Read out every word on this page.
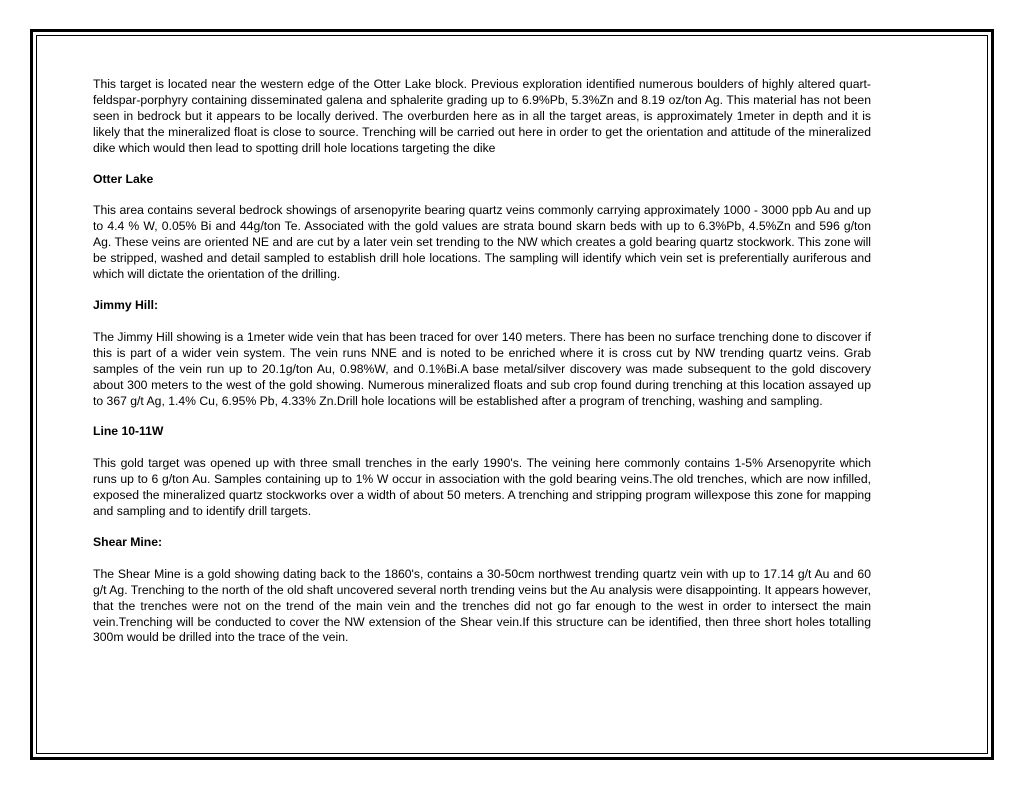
This target is located near the western edge of the Otter Lake block. Previous exploration identified numerous boulders of highly altered quart-feldspar-porphyry containing disseminated galena and sphalerite grading up to 6.9%Pb, 5.3%Zn and 8.19 oz/ton Ag. This material has not been seen in bedrock but it appears to be locally derived. The overburden here as in all the target areas, is approximately 1meter in depth and it is likely that the mineralized float is close to source. Trenching will be carried out here in order to get the orientation and attitude of the mineralized dike which would then lead to spotting drill hole locations targeting the dike

Otter Lake

This area contains several bedrock showings of arsenopyrite bearing quartz veins commonly carrying approximately 1000 - 3000 ppb Au and up to 4.4 % W, 0.05% Bi and 44g/ton Te. Associated with the gold values are strata bound skarn beds with up to 6.3%Pb, 4.5%Zn and 596 g/ton Ag. These veins are oriented NE and are cut by a later vein set trending to the NW which creates a gold bearing quartz stockwork. This zone will be stripped, washed and detail sampled to establish drill hole locations. The sampling will identify which vein set is preferentially auriferous and which will dictate the orientation of the drilling.

Jimmy Hill:

The Jimmy Hill showing is a 1meter wide vein that has been traced for over 140 meters. There has been no surface trenching done to discover if this is part of a wider vein system. The vein runs NNE and is noted to be enriched where it is cross cut by NW trending quartz veins. Grab samples of the vein run up to 20.1g/ton Au, 0.98%W, and 0.1%Bi.A base metal/silver discovery was made subsequent to the gold discovery about 300 meters to the west of the gold showing. Numerous mineralized floats and sub crop found during trenching at this location assayed up to 367 g/t Ag, 1.4% Cu, 6.95% Pb, 4.33% Zn.Drill hole locations will be established after a program of trenching, washing and sampling.

Line 10-11W

This gold target was opened up with three small trenches in the early 1990's. The veining here commonly contains 1-5% Arsenopyrite which runs up to 6 g/ton Au. Samples containing up to 1% W occur in association with the gold bearing veins.The old trenches, which are now infilled, exposed the mineralized quartz stockworks over a width of about 50 meters. A trenching and stripping program willexpose this zone for mapping and sampling and to identify drill targets.

Shear Mine:

The Shear Mine is a gold showing dating back to the 1860's, contains a 30-50cm northwest trending quartz vein with up to 17.14 g/t Au and 60 g/t Ag. Trenching to the north of the old shaft uncovered several north trending veins but the Au analysis were disappointing. It appears however, that the trenches were not on the trend of the main vein and the trenches did not go far enough to the west in order to intersect the main vein.Trenching will be conducted to cover the NW extension of the Shear vein.If this structure can be identified, then three short holes totalling 300m would be drilled into the trace of the vein.
